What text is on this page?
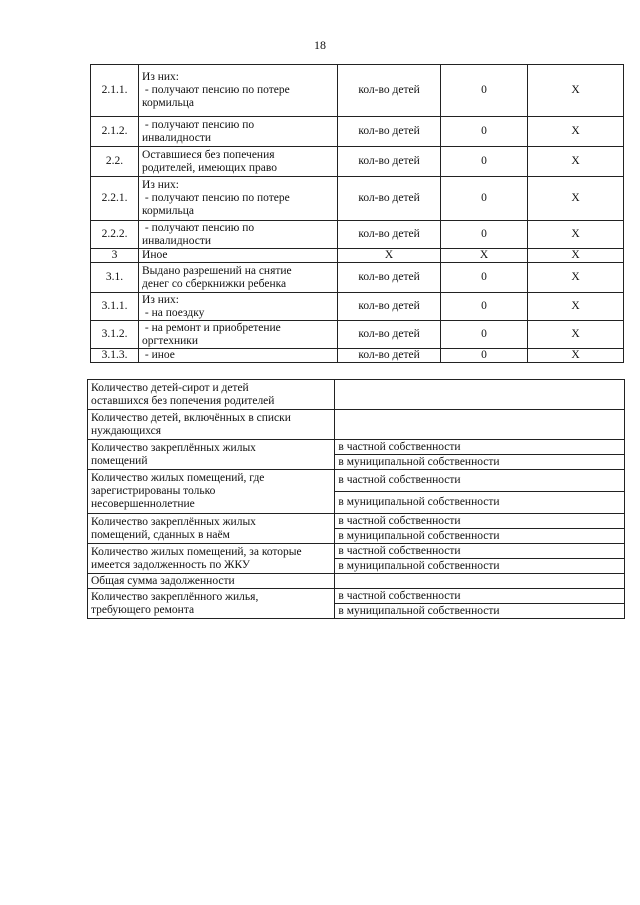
18
2.1.1.	Из них:
- получают пенсию по потере
кормильца	кол-во детей	0	Х
2.1.2.	- получают пенсию по
инвалидности	кол-во детей	0	Х
2.2.	Оставшиеся без попечения
родителей, имеющих право	кол-во детей	0	Х
2.2.1.	Из них:
- получают пенсию по потере
кормильца	кол-во детей	0	Х
2.2.2.	- получают пенсию по
инвалидности	кол-во детей	0	Х
3	Иное	Х	Х	Х
3.1.	Выдано разрешений на снятие
денег со сберкнижки ребенка	кол-во детей	0	Х
3.1.1.	Из них:
- на поездку	кол-во детей	0	Х
3.1.2.	- на ремонт и приобретение
оргтехники	кол-во детей	0	Х
3.1.3.	- иное	кол-во детей	0	Х
Количество детей-сирот и детей
оставшихся без попечения родителей	

Количество детей, включённых в списки
нуждающихся	

Количество закреплённых жилых
помещений	в частной собственности
	в муниципальной собственности

Количество жилых помещений, где
зарегистрированы только
несовершеннолетние	в частной собственности
	в муниципальной собственности

Количество закреплённых жилых
помещений, сданных в наём	в частной собственности
	в муниципальной собственности

Количество жилых помещений, за которые
имеется задолженность по ЖКУ	в частной собственности
	в муниципальной собственности

Общая сумма задолженности	

Количество закреплённого жилья,
требующего ремонта	в частной собственности
	в муниципальной собственности
